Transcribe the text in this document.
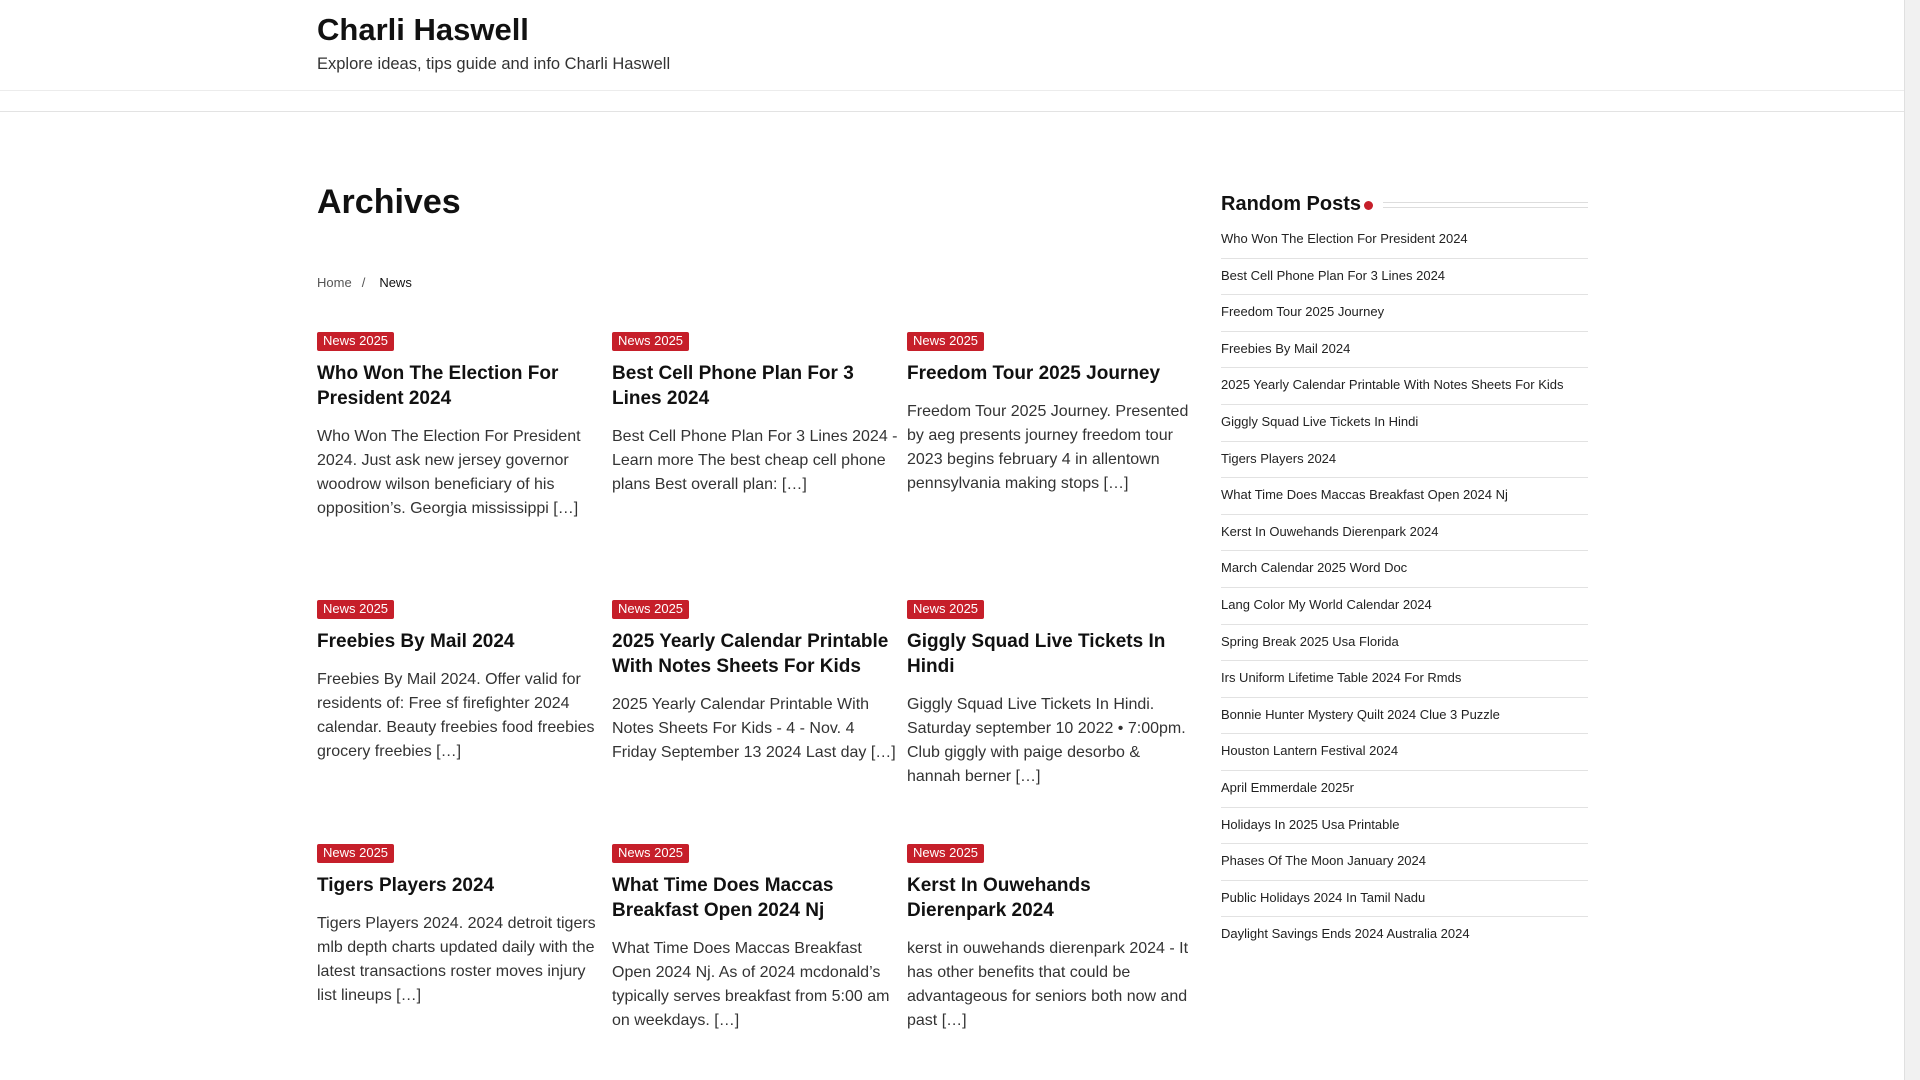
Charli Haswell
Explore ideas, tips guide and info Charli Haswell
Archives
Home / News
News 2025
Who Won The Election For President 2024

Who Won The Election For President 2024. Just ask new jersey governor woodrow wilson beneficiary of his opposition’s. Georgia mississippi […]

News 2025
Best Cell Phone Plan For 3 Lines 2024

Best Cell Phone Plan For 3 Lines 2024 - Learn more The best cheap cell phone plans Best overall plan: […]

News 2025
Freedom Tour 2025 Journey

Freedom Tour 2025 Journey. Presented by aeg presents journey freedom tour 2023 begins february 4 in allentown pennsylvania making stops […]

News 2025
Freebies By Mail 2024

Freebies By Mail 2024. Offer valid for residents of: Free sf firefighter 2024 calendar. Beauty freebies food freebies grocery freebies […]

News 2025
2025 Yearly Calendar Printable With Notes Sheets For Kids

2025 Yearly Calendar Printable With Notes Sheets For Kids - 4 - Nov. 4 Friday September 13 2024 Last day […]

News 2025
Giggly Squad Live Tickets In Hindi

Giggly Squad Live Tickets In Hindi. Saturday september 10 2022 • 7:00pm. Club giggly with paige desorbo & hannah berner […]

News 2025
Tigers Players 2024

Tigers Players 2024. 2024 detroit tigers mlb depth charts updated daily with the latest transactions roster moves injury list lineups […]

News 2025
What Time Does Maccas Breakfast Open 2024 Nj

What Time Does Maccas Breakfast Open 2024 Nj. As of 2024 mcdonald’s typically serves breakfast from 5:00 am on weekdays. […]

News 2025
Kerst In Ouwehands Dierenpark 2024

kerst in ouwehands dierenpark 2024 - It has other benefits that could be advantageous for seniors both now and past […]

Random Posts
Who Won The Election For President 2024
Best Cell Phone Plan For 3 Lines 2024
Freedom Tour 2025 Journey
Freebies By Mail 2024
2025 Yearly Calendar Printable With Notes Sheets For Kids
Giggly Squad Live Tickets In Hindi
Tigers Players 2024
What Time Does Maccas Breakfast Open 2024 Nj
Kerst In Ouwehands Dierenpark 2024
March Calendar 2025 Word Doc
Lang Color My World Calendar 2024
Spring Break 2025 Usa Florida
Irs Uniform Lifetime Table 2024 For Rmds
Bonnie Hunter Mystery Quilt 2024 Clue 3 Puzzle
Houston Lantern Festival 2024
April Emmerdale 2025r
Holidays In 2025 Usa Printable
Phases Of The Moon January 2024
Public Holidays 2024 In Tamil Nadu
Daylight Savings Ends 2024 Australia 2024
